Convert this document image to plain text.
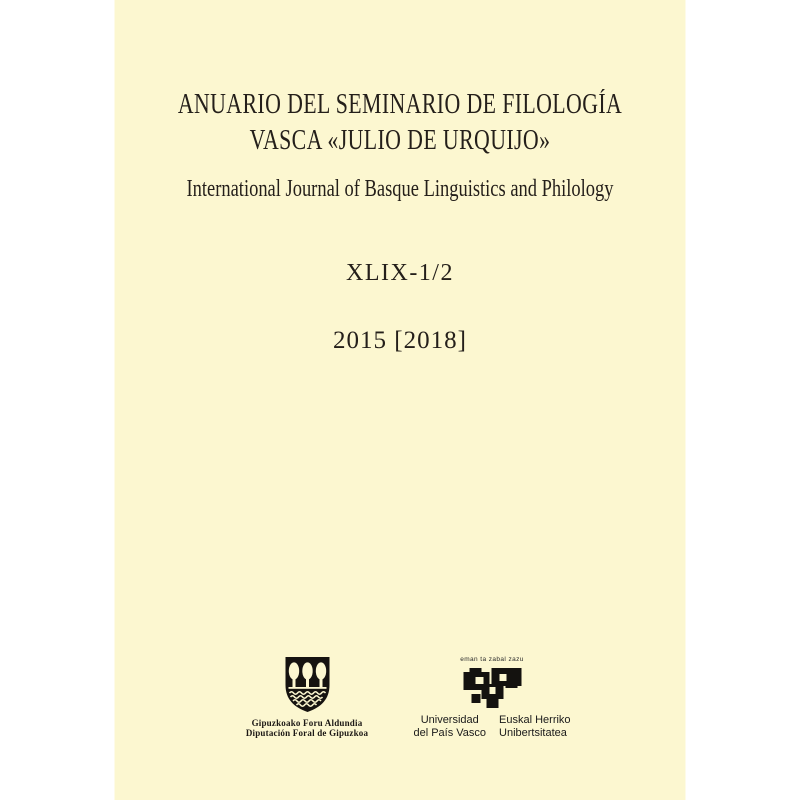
ANUARIO DEL SEMINARIO DE FILOLOGÍA
VASCA «JULIO DE URQUIJO»
International Journal of Basque Linguistics and Philology
XLIX-1/2
2015 [2018]
Gipuzkoako Foru Aldundia
Diputación Foral de Gipuzkoa
eman ta zabal zazu
Universidad
del País Vasco
Euskal Herriko
Unibertsitatea
